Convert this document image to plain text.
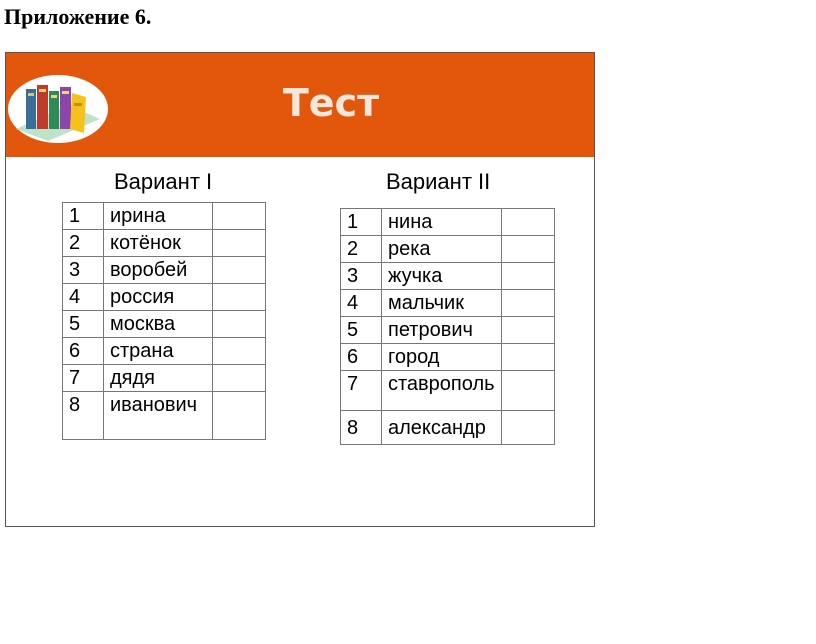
Приложение 6.
Тест
Вариант I
1	ирина	
2	котёнок	
3	воробей	
4	россия	
5	москва	
6	страна	
7	дядя	
8	иванович	
Вариант II
1	нина	
2	река	
3	жучка	
4	мальчик	
5	петрович	
6	город	
7	ставрополь	
8	александр	
